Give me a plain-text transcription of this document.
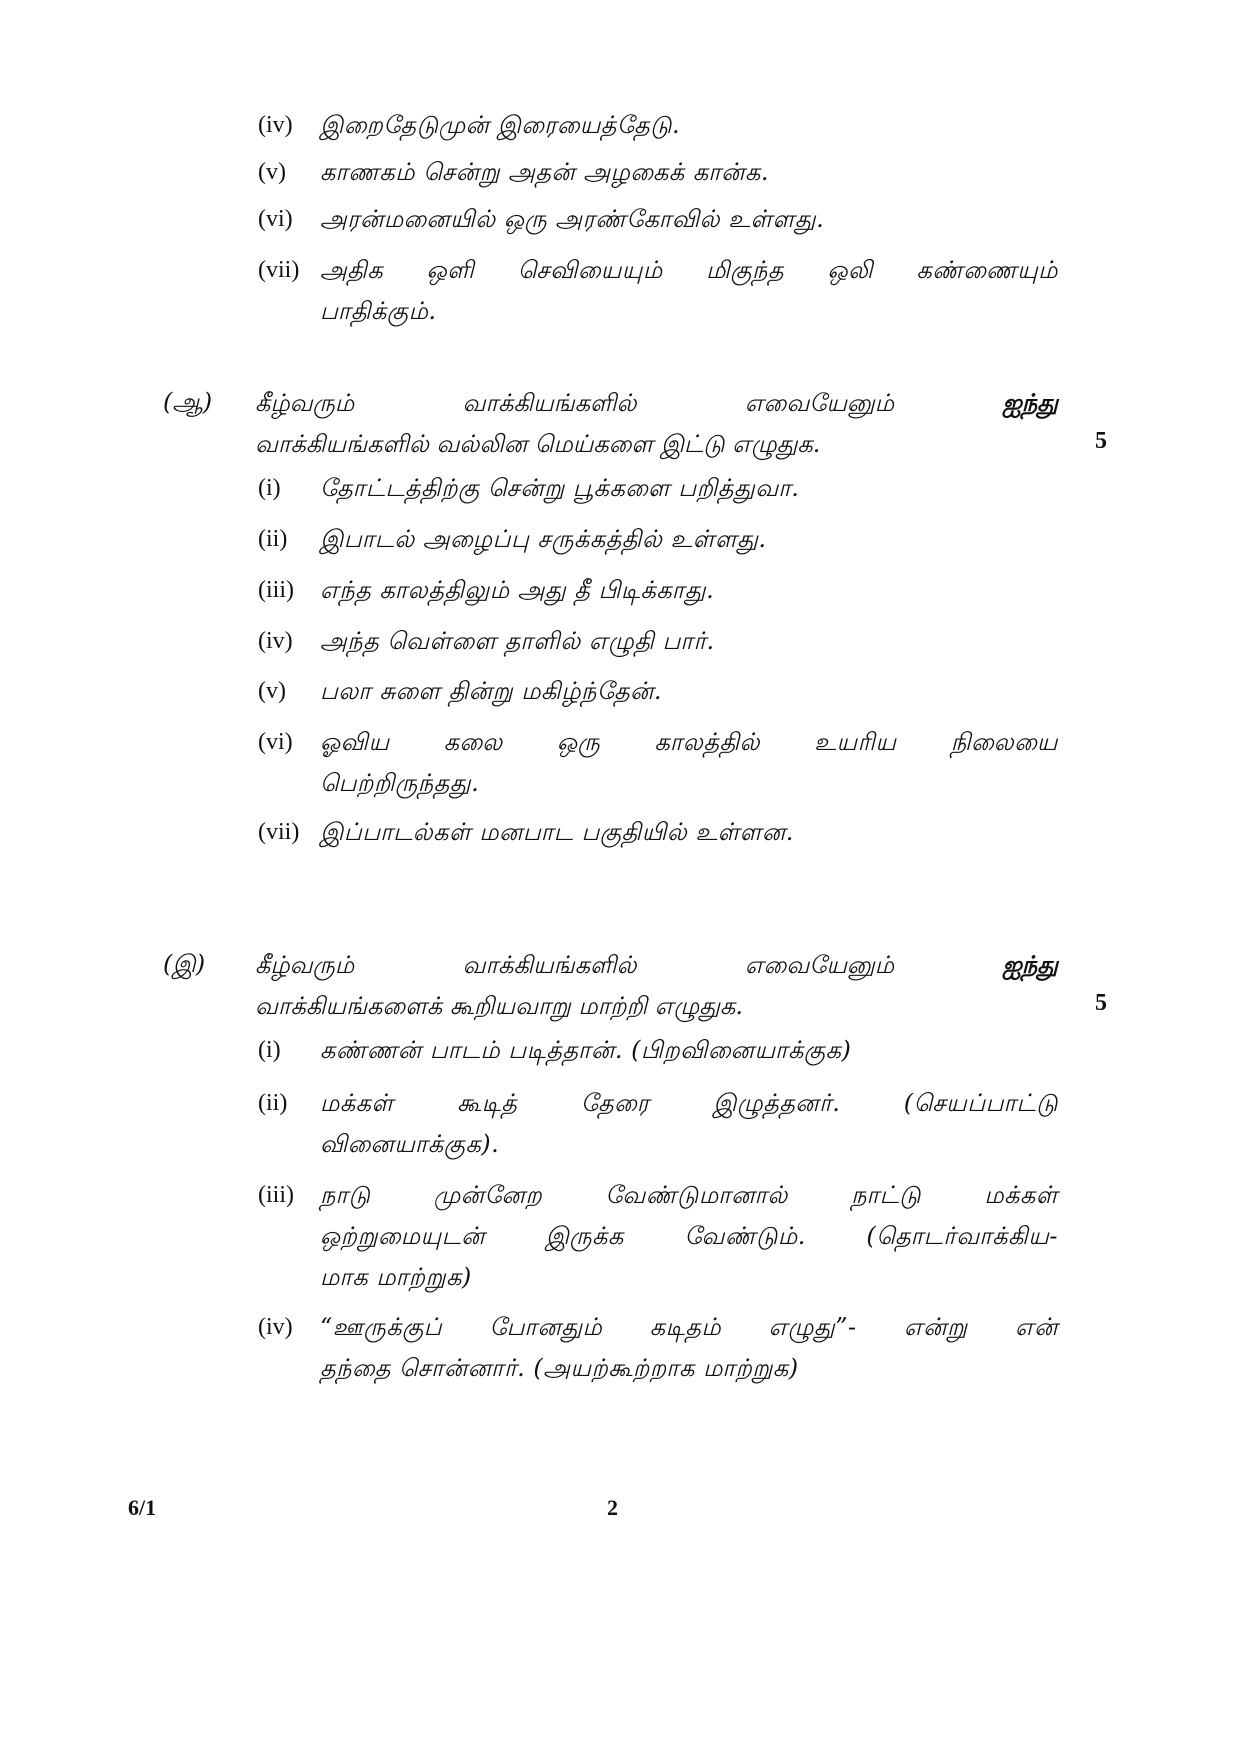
(iv)	இறைதேடுமுன் இரையைத்தேடு.
(v)	காணகம் சென்று அதன் அழகைக் கான்க.
(vi)	அரன்மனையில் ஒரு அரண்கோவில் உள்ளது.
(vii) அதிக ஒளி செவியையும் மிகுந்த ஒலி கண்ணையும்
பாதிக்கும்.
(ஆ)	கீழ்வரும்	வாக்கியங்களில்	எவையேனும்	ஐந்து
வாக்கியங்களில் வல்லின மெய்களை இட்டு எழுதுக.	5
(i)	தோட்டத்திற்கு சென்று பூக்களை பறித்துவா.
(ii)	இபாடல் அழைப்பு சருக்கத்தில் உள்ளது.
(iii)	எந்த காலத்திலும் அது தீ பிடிக்காது.
(iv)	அந்த வெள்ளை தாளில் எழுதி பார்.
(v)	பலா சுளை தின்று மகிழ்ந்தேன்.
(vi)	ஓவிய கலை ஒரு காலத்தில் உயரிய நிலையை
பெற்றிருந்தது.
(vii) இப்பாடல்கள் மனபாட பகுதியில் உள்ளன.
(இ)	கீழ்வரும்	வாக்கியங்களில்	எவையேனும்	ஐந்து
வாக்கியங்களைக் கூறியவாறு மாற்றி எழுதுக.	5
(i)	கண்ணன் பாடம் படித்தான். (பிறவினையாக்குக)
(ii)	மக்கள் கூடித் தேரை இழுத்தனர். (செயப்பாட்டு
வினையாக்குக).
(iii)	நாடு முன்னேற வேண்டுமானால் நாட்டு மக்கள்
ஒற்றுமையுடன் இருக்க வேண்டும். (தொடர்வாக்கிய-
மாக மாற்றுக)
(iv)	“ஊருக்குப் போனதும் கடிதம் எழுது”- என்று என்
தந்தை சொன்னார். (அயற்கூற்றாக மாற்றுக)
6/1	2
